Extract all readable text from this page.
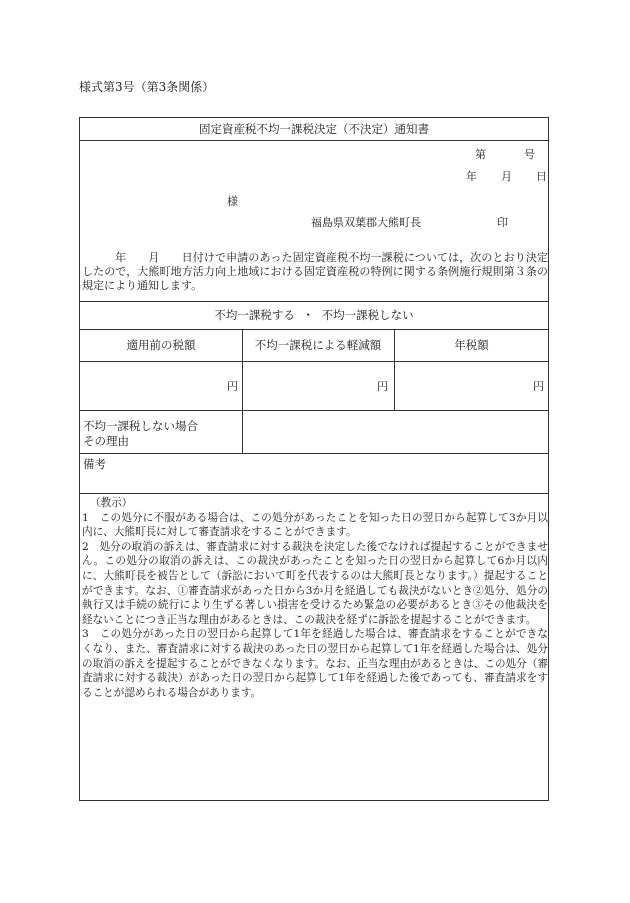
様式第3号（第3条関係）
固定資産税不均一課税決定（不決定）通知書
第	号
年 月 日
様
福島県双葉郡大熊町長	印
年　　月　　日付けで申請のあった固定資産税不均一課税については，次のとおり決定したので，大熊町地方活力向上地域における固定資産税の特例に関する条例施行規則第３条の規定により通知します。
不均一課税する ・ 不均一課税しない
適用前の税額	不均一課税による軽減額	年税額
円	円	円
不均一課税しない場合
その理由
備考

（教示）

1　この処分に不服がある場合は、この処分があったことを知った日の翌日から起算して3か月以内に、大熊町長に対して審査請求をすることができます。

2　処分の取消の訴えは、審査請求に対する裁決を決定した後でなければ提起することができません。この処分の取消の訴えは、この裁決があったことを知った日の翌日から起算して6か月以内に、大熊町長を被告として（訴訟において町を代表するのは大熊町長となります。）提起することができます。なお、①審査請求があった日から3か月を経過しても裁決がないとき②処分、処分の執行又は手続の続行により生ずる著しい損害を受けるため緊急の必要があるとき③その他裁決を経ないことにつき正当な理由があるときは、この裁決を経ずに訴訟を提起することができます。

3　この処分があった日の翌日から起算して1年を経過した場合は、審査請求をすることができなくなり、また、審査請求に対する裁決のあった日の翌日から起算して1年を経過した場合は、処分の取消の訴えを提起することができなくなります。なお、正当な理由があるときは、この処分（審査請求に対する裁決）があった日の翌日から起算して1年を経過した後であっても、審査請求をすることが認められる場合があります。
